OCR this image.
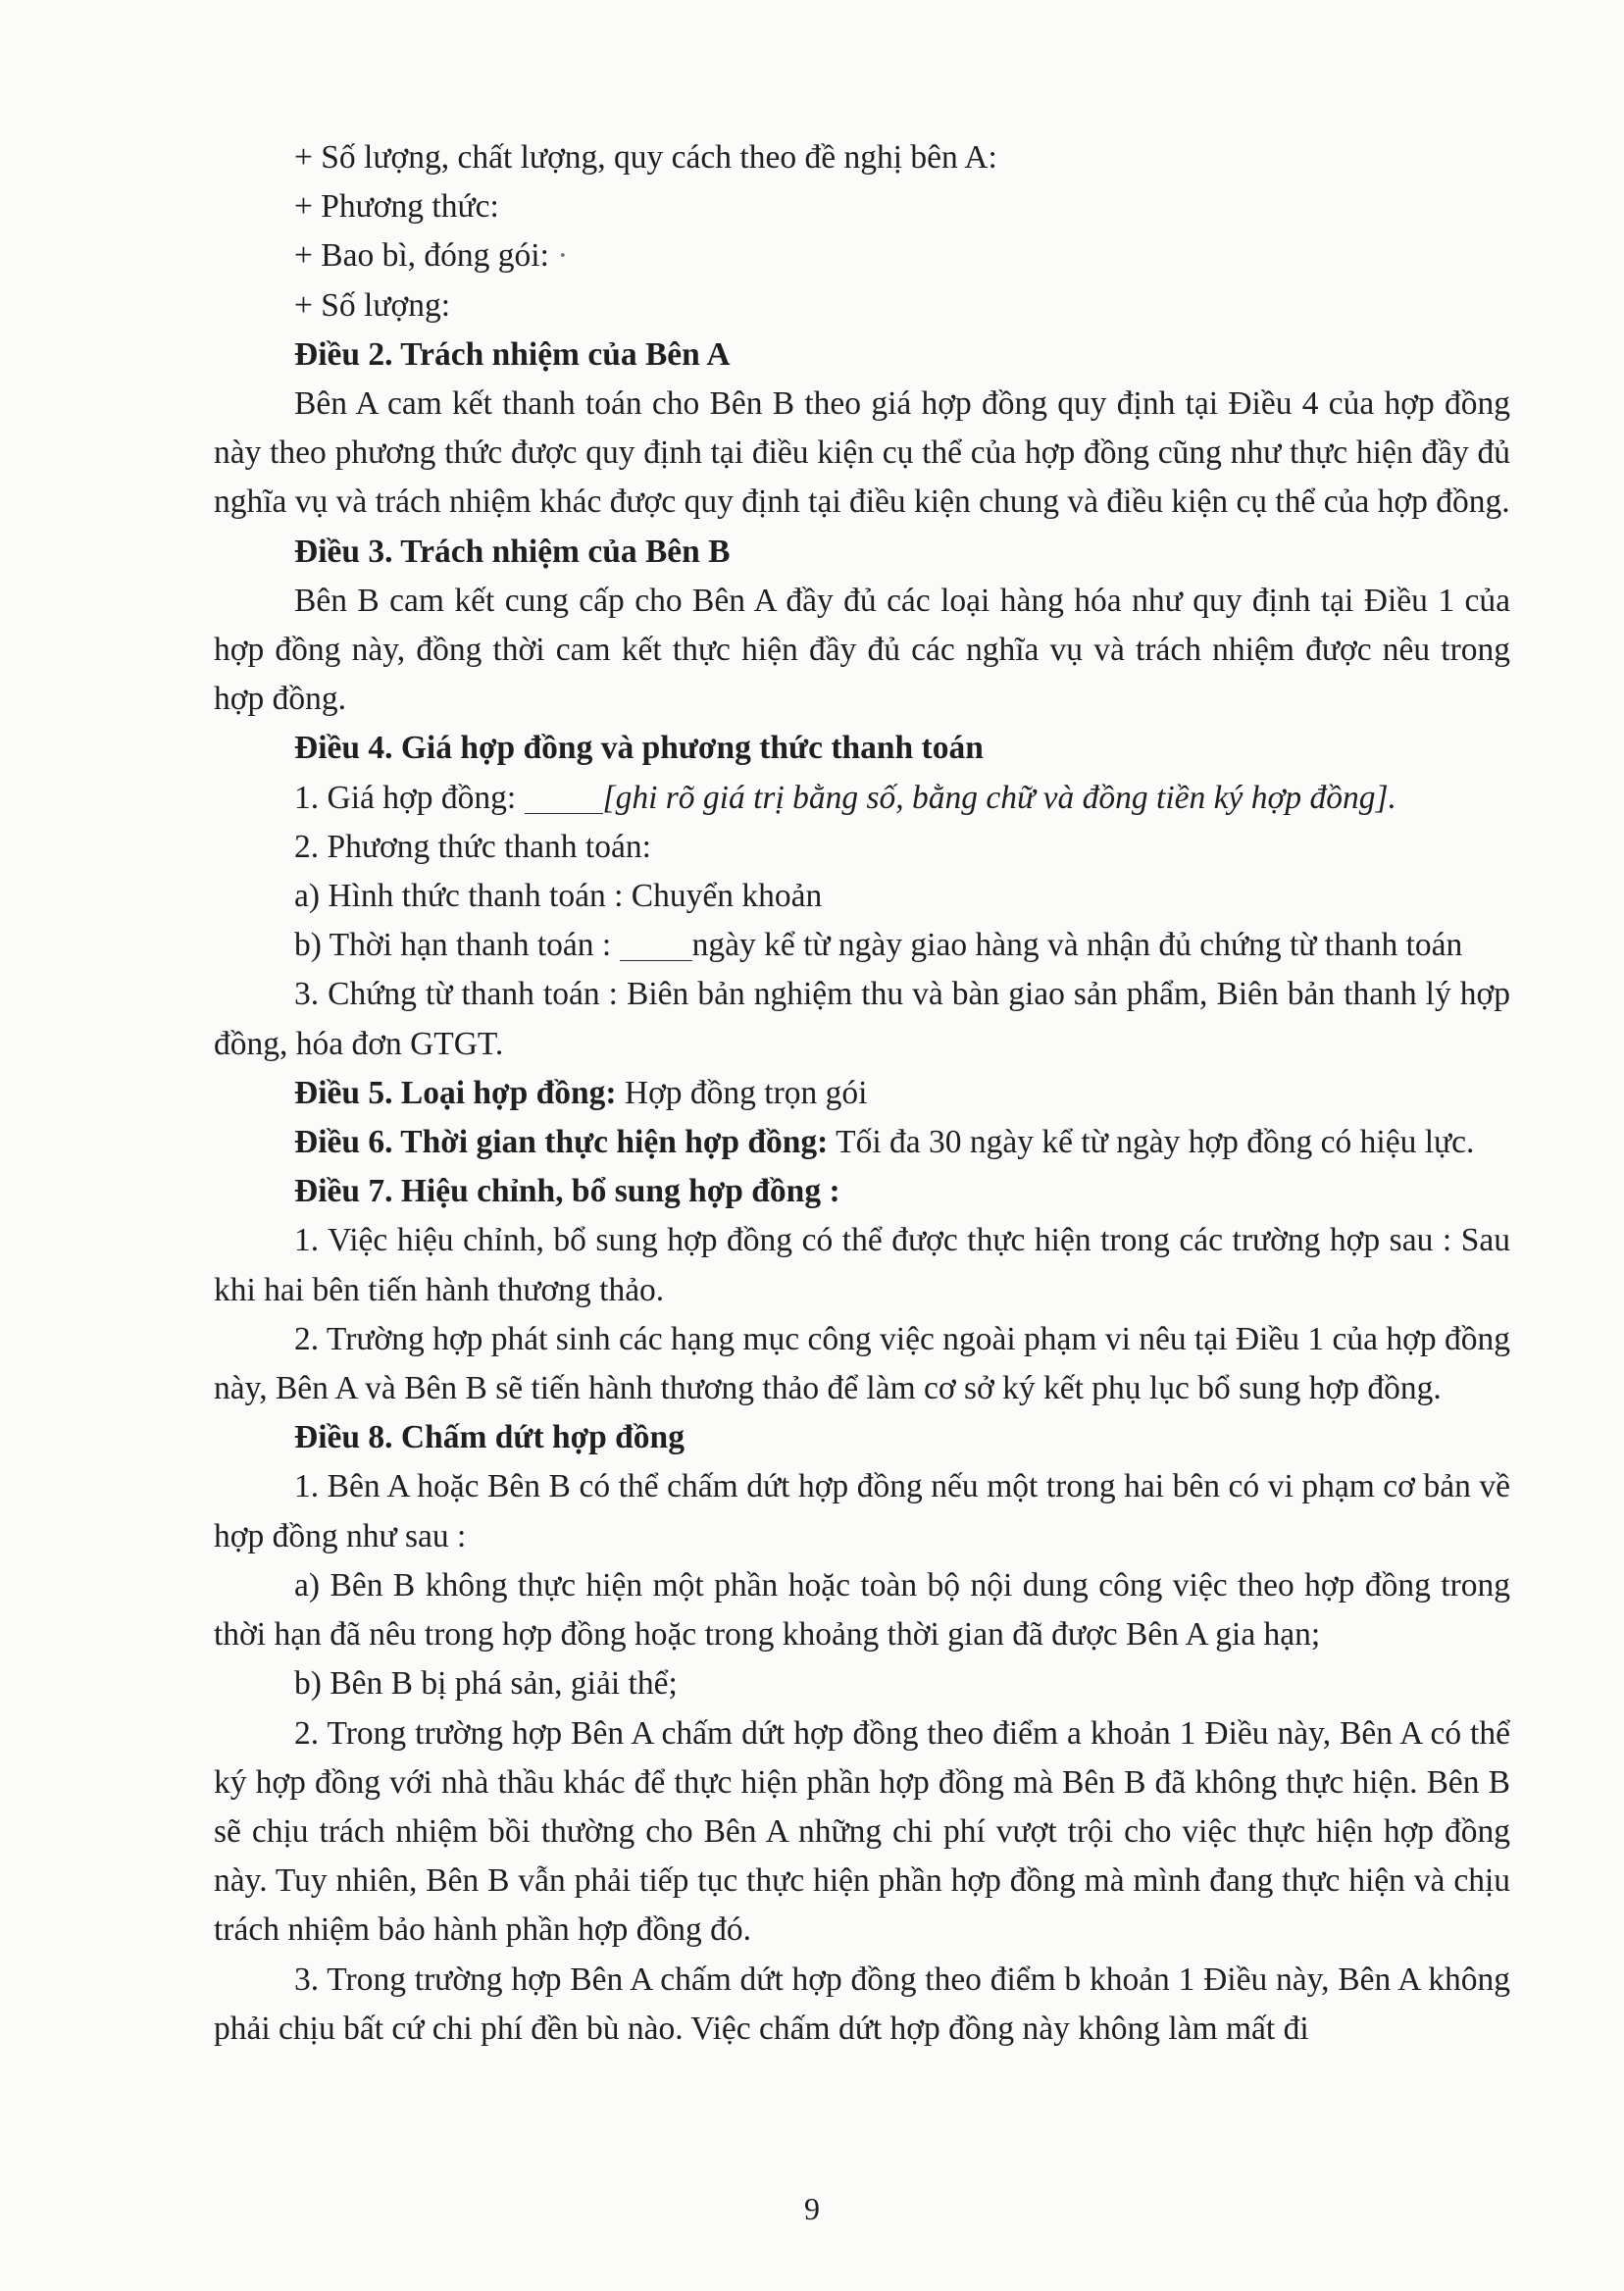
+ Số lượng, chất lượng, quy cách theo đề nghị bên A:

+ Phương thức:

+ Bao bì, đóng gói: ·

+ Số lượng:

Điều 2. Trách nhiệm của Bên A

Bên A cam kết thanh toán cho Bên B theo giá hợp đồng quy định tại Điều 4 của hợp đồng này theo phương thức được quy định tại điều kiện cụ thể của hợp đồng cũng như thực hiện đầy đủ nghĩa vụ và trách nhiệm khác được quy định tại điều kiện chung và điều kiện cụ thể của hợp đồng.

Điều 3. Trách nhiệm của Bên B

Bên B cam kết cung cấp cho Bên A đầy đủ các loại hàng hóa như quy định tại Điều 1 của hợp đồng này, đồng thời cam kết thực hiện đầy đủ các nghĩa vụ và trách nhiệm được nêu trong hợp đồng.

Điều 4. Giá hợp đồng và phương thức thanh toán

1. Giá hợp đồng: [ghi rõ giá trị bằng số, bằng chữ và đồng tiền ký hợp đồng].

2. Phương thức thanh toán:

a) Hình thức thanh toán : Chuyển khoản

b) Thời hạn thanh toán : ngày kể từ ngày giao hàng và nhận đủ chứng từ thanh toán

3. Chứng từ thanh toán : Biên bản nghiệm thu và bàn giao sản phẩm, Biên bản thanh lý hợp đồng, hóa đơn GTGT.

Điều 5. Loại hợp đồng: Hợp đồng trọn gói

Điều 6. Thời gian thực hiện hợp đồng: Tối đa 30 ngày kể từ ngày hợp đồng có hiệu lực.

Điều 7. Hiệu chỉnh, bổ sung hợp đồng :

1. Việc hiệu chỉnh, bổ sung hợp đồng có thể được thực hiện trong các trường hợp sau : Sau khi hai bên tiến hành thương thảo.

2. Trường hợp phát sinh các hạng mục công việc ngoài phạm vi nêu tại Điều 1 của hợp đồng này, Bên A và Bên B sẽ tiến hành thương thảo để làm cơ sở ký kết phụ lục bổ sung hợp đồng.

Điều 8. Chấm dứt hợp đồng

1. Bên A hoặc Bên B có thể chấm dứt hợp đồng nếu một trong hai bên có vi phạm cơ bản về hợp đồng như sau :

a) Bên B không thực hiện một phần hoặc toàn bộ nội dung công việc theo hợp đồng trong thời hạn đã nêu trong hợp đồng hoặc trong khoảng thời gian đã được Bên A gia hạn;

b) Bên B bị phá sản, giải thể;

2. Trong trường hợp Bên A chấm dứt hợp đồng theo điểm a khoản 1 Điều này, Bên A có thể ký hợp đồng với nhà thầu khác để thực hiện phần hợp đồng mà Bên B đã không thực hiện. Bên B sẽ chịu trách nhiệm bồi thường cho Bên A những chi phí vượt trội cho việc thực hiện hợp đồng này. Tuy nhiên, Bên B vẫn phải tiếp tục thực hiện phần hợp đồng mà mình đang thực hiện và chịu trách nhiệm bảo hành phần hợp đồng đó.

3. Trong trường hợp Bên A chấm dứt hợp đồng theo điểm b khoản 1 Điều này, Bên A không phải chịu bất cứ chi phí đền bù nào. Việc chấm dứt hợp đồng này không làm mất đi

9
